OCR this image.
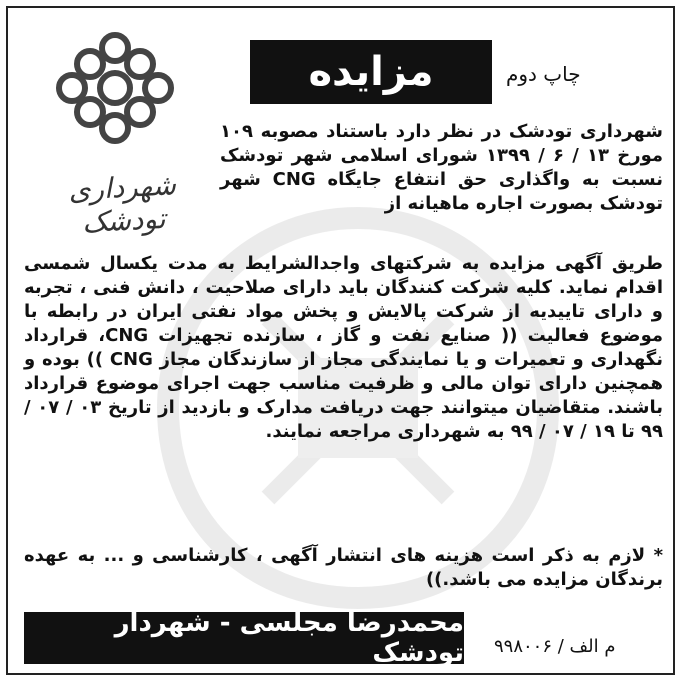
شهرداری تودشک
مزایده	چاپ دوم
شهرداری تودشک در نظر دارد باستناد مصوبه ۱۰۹ مورخ ۱۳ / ۶ / ۱۳۹۹ شورای اسلامی شهر تودشک نسبت به واگذاری حق انتفاع جایگاه CNG شهر تودشک بصورت اجاره ماهیانه از
طریق آگهی مزایده به شرکتهای واجدالشرایط به مدت یکسال شمسی اقدام نماید. کلیه شرکت کنندگان باید دارای صلاحیت ، دانش فنی ، تجربه و دارای تاییدیه از شرکت پالایش و پخش مواد نفتی ایران در رابطه با موضوع فعالیت (( صنایع نفت و گاز ، سازنده تجهیزات CNG، قرارداد نگهداری و تعمیرات و یا نمایندگی مجاز از سازندگان مجاز CNG )) بوده و همچنین دارای توان مالی و ظرفیت مناسب جهت اجرای موضوع قرارداد باشند. متقاضیان میتوانند جهت دریافت مدارک و بازدید از تاریخ ۰۳ / ۰۷ / ۹۹ تا ۱۹ / ۰۷ / ۹۹ به شهرداری مراجعه نمایند.
* لازم به ذکر است هزینه های انتشار آگهی ، کارشناسی و ... به عهده برندگان مزایده می باشد.))
محمدرضا مجلسی - شهردار تودشک م الف / ۹۹۸۰۰۶
